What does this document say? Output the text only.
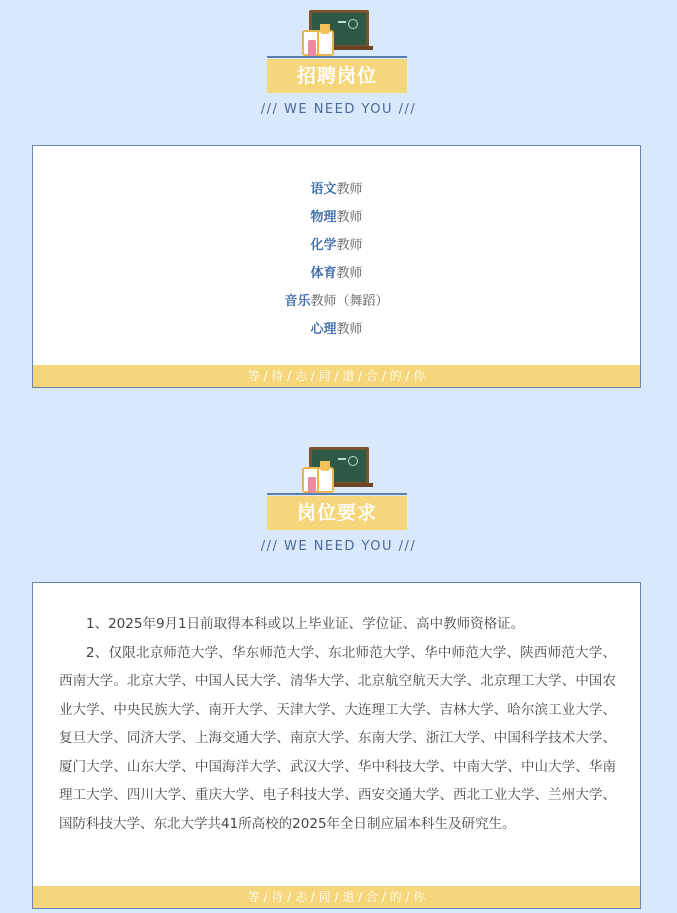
招聘岗位
/// WE NEED YOU ///
语文教师
物理教师
化学教师
体育教师
音乐教师（舞蹈）
心理教师
等 / 待 / 志 / 同 / 道 / 合 / 的 / 你
岗位要求
/// WE NEED YOU ///

1、2025年9月1日前取得本科或以上毕业证、学位证、高中教师资格证。

2、仅限北京师范大学、华东师范大学、东北师范大学、华中师范大学、陕西师范大学、西南大学。北京大学、中国人民大学、清华大学、北京航空航天大学、北京理工大学、中国农业大学、中央民族大学、南开大学、天津大学、大连理工大学、吉林大学、哈尔滨工业大学、复旦大学、同济大学、上海交通大学、南京大学、东南大学、浙江大学、中国科学技术大学、厦门大学、山东大学、中国海洋大学、武汉大学、华中科技大学、中南大学、中山大学、华南理工大学、四川大学、重庆大学、电子科技大学、西安交通大学、西北工业大学、兰州大学、国防科技大学、东北大学共41所高校的2025年全日制应届本科生及研究生。

等 / 待 / 志 / 同 / 道 / 合 / 的 / 你
